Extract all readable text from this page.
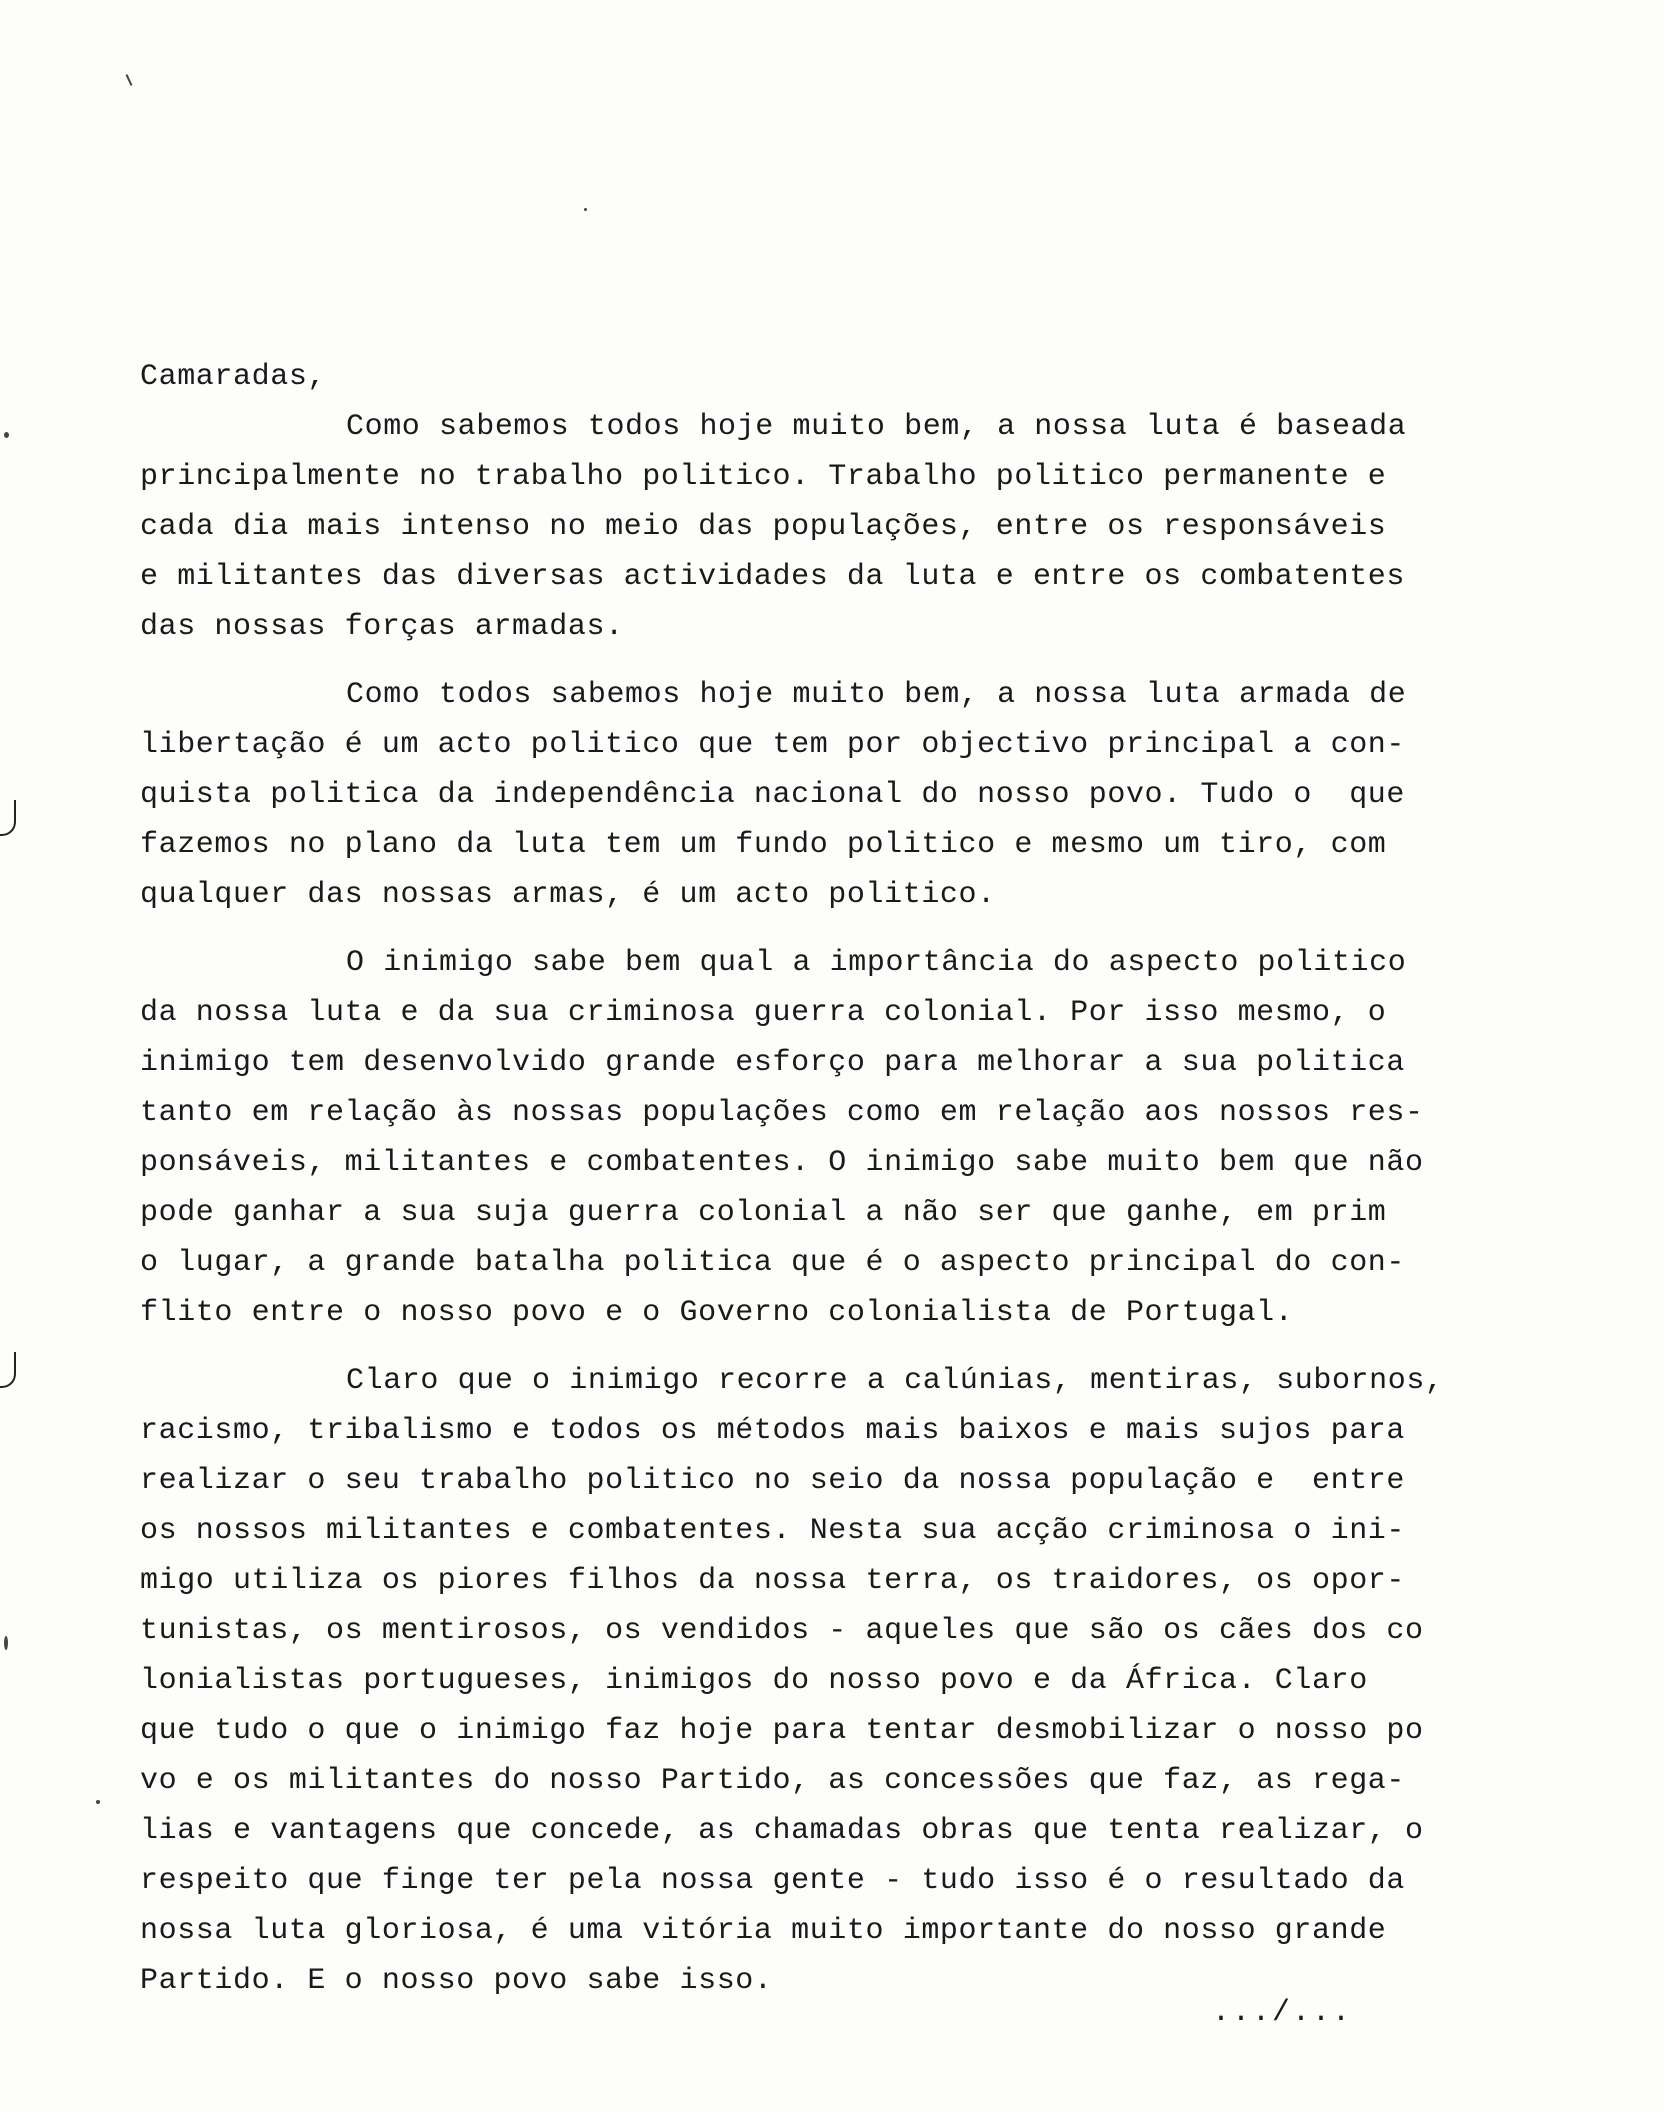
Camaradas,
Como sabemos todos hoje muito bem, a nossa luta é baseada
principalmente no trabalho politico. Trabalho politico permanente e
cada dia mais intenso no meio das populações, entre os responsáveis
e militantes das diversas actividades da luta e entre os combatentes
das nossas forças armadas.
Como todos sabemos hoje muito bem, a nossa luta armada de
libertação é um acto politico que tem por objectivo principal a con-
quista politica da independência nacional do nosso povo. Tudo o  que
fazemos no plano da luta tem um fundo politico e mesmo um tiro, com
qualquer das nossas armas, é um acto politico.
O inimigo sabe bem qual a importância do aspecto politico
da nossa luta e da sua criminosa guerra colonial. Por isso mesmo, o
inimigo tem desenvolvido grande esforço para melhorar a sua politica
tanto em relação às nossas populações como em relação aos nossos res-
ponsáveis, militantes e combatentes. O inimigo sabe muito bem que não
pode ganhar a sua suja guerra colonial a não ser que ganhe, em prim
o lugar, a grande batalha politica que é o aspecto principal do con-
flito entre o nosso povo e o Governo colonialista de Portugal.
Claro que o inimigo recorre a calúnias, mentiras, subornos,
racismo, tribalismo e todos os métodos mais baixos e mais sujos para
realizar o seu trabalho politico no seio da nossa população e  entre
os nossos militantes e combatentes. Nesta sua acção criminosa o ini-
migo utiliza os piores filhos da nossa terra, os traidores, os opor-
tunistas, os mentirosos, os vendidos - aqueles que são os cães dos co
lonialistas portugueses, inimigos do nosso povo e da África. Claro
que tudo o que o inimigo faz hoje para tentar desmobilizar o nosso po
vo e os militantes do nosso Partido, as concessões que faz, as rega-
lias e vantagens que concede, as chamadas obras que tenta realizar, o
respeito que finge ter pela nossa gente - tudo isso é o resultado da
nossa luta gloriosa, é uma vitória muito importante do nosso grande
Partido. E o nosso povo sabe isso.
.../...
